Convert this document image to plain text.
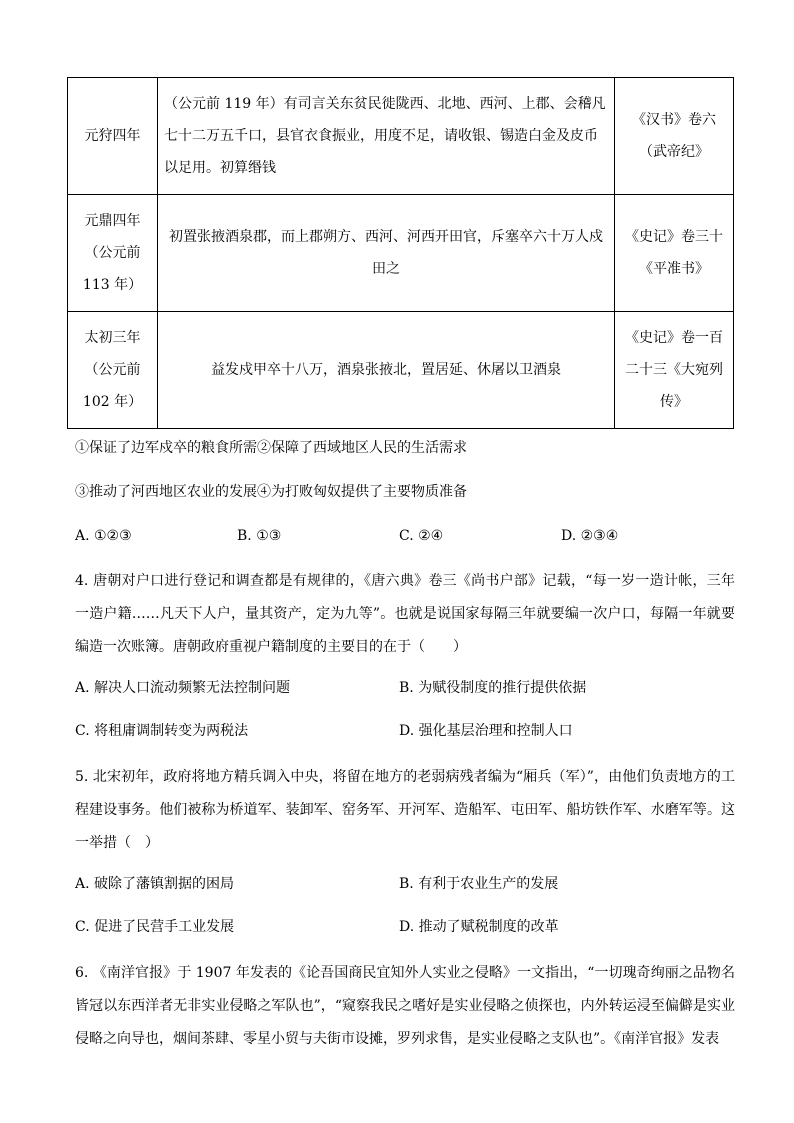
元狩四年	（公元前 119 年）有司言关东贫民徙陇西、北地、西河、上郡、会稽凡七十二万五千口，县官衣食振业，用度不足，请收银、锡造白金及皮币以足用。初算缗钱	《汉书》卷六（武帝纪》
元鼎四年（公元前 113 年）	初置张掖酒泉郡，而上郡朔方、西河、河西开田官，斥塞卒六十万人戍田之	《史记》卷三十《平准书》
太初三年（公元前 102 年）	益发戍甲卒十八万，酒泉张掖北，置居延、休屠以卫酒泉	《史记》卷一百二十三《大宛列传》
①保证了边军戍卒的粮食所需②保障了西域地区人民的生活需求
③推动了河西地区农业的发展④为打败匈奴提供了主要物质准备
A. ①②③	B. ①③	C. ②④	D. ②③④
4. 唐朝对户口进行登记和调查都是有规律的，《唐六典》卷三《尚书户部》记载，“每一岁一造计帐，三年一造户籍……凡天下人户，量其资产，定为九等”。也就是说国家每隔三年就要编一次户口，每隔一年就要编造一次账簿。唐朝政府重视户籍制度的主要目的在于（　　）
A. 解决人口流动频繁无法控制问题	B. 为赋役制度的推行提供依据
C. 将租庸调制转变为两税法	D. 强化基层治理和控制人口
5. 北宋初年，政府将地方精兵调入中央，将留在地方的老弱病残者编为“厢兵（军）”，由他们负责地方的工程建设事务。他们被称为桥道军、装卸军、窑务军、开河军、造船军、屯田军、船坊铁作军、水磨军等。这一举措（　）
A. 破除了藩镇割据的困局	B. 有利于农业生产的发展
C. 促进了民营手工业发展	D. 推动了赋税制度的改革
6. 《南洋官报》于 1907 年发表的《论吾国商民宜知外人实业之侵略》一文指出，“一切瑰奇绚丽之品物名皆冠以东西洋者无非实业侵略之军队也”，“窥察我民之嗜好是实业侵略之侦探也，内外转运浸至偏僻是实业侵略之向导也，烟间茶肆、零星小贸与夫街市设摊，罗列求售，是实业侵略之支队也”。《南洋官报》发表
